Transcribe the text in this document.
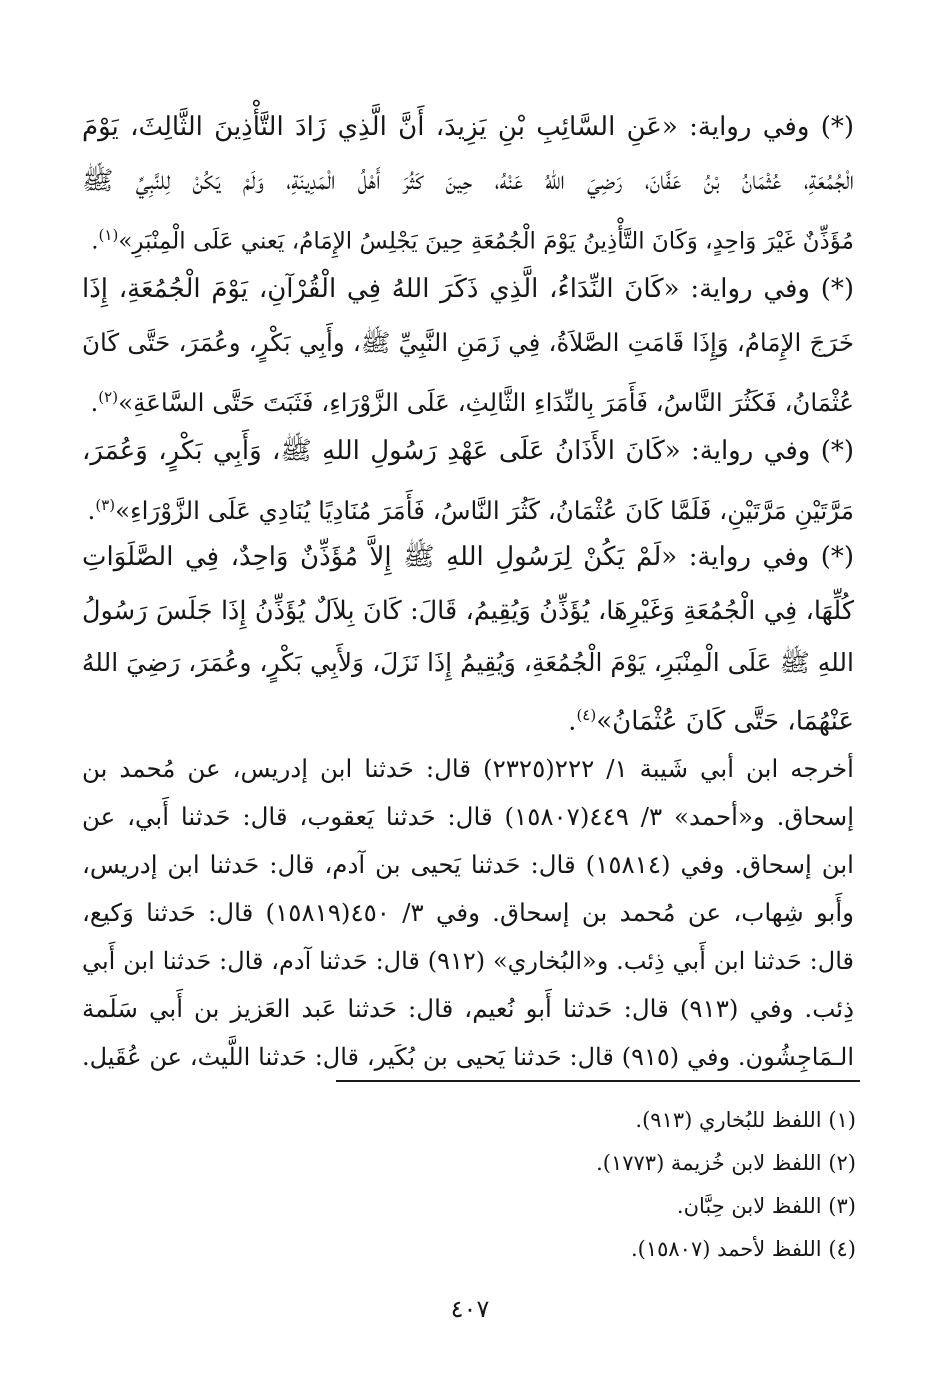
(*) وفي رواية: «عَنِ السَّائِبِ بْنِ يَزِيدَ، أَنَّ الَّذِي زَادَ التَّأْذِينَ الثَّالِثَ، يَوْمَ
الْجُمُعَةِ، عُثْمَانُ بْنُ عَفَّانَ، رَضِيَ اللهُ عَنْهُ، حِينَ كَثُرَ أَهْلُ الْمَدِينَةِ، وَلَمْ يَكُنْ لِلنَّبِيِّ ﷺ
مُؤَذِّنٌ غَيْرَ وَاحِدٍ، وَكَانَ التَّأْذِينُ يَوْمَ الْجُمُعَةِ حِينَ يَجْلِسُ الإِمَامُ، يَعني عَلَى الْمِنْبَرِ»$^{(١)}$.
(*) وفي رواية: «كَانَ النِّدَاءُ، الَّذِي ذَكَرَ اللهُ فِي الْقُرْآنِ، يَوْمَ الْجُمُعَةِ، إِذَا
خَرَجَ الإِمَامُ، وَإِذَا قَامَتِ الصَّلاَةُ، فِي زَمَنِ النَّبِيِّ ﷺ، وأَبِي بَكْرٍ، وعُمَرَ، حَتَّى كَانَ
عُثْمَانُ، فَكَثُرَ النَّاسُ، فَأَمَرَ بِالنِّدَاءِ الثَّالِثِ، عَلَى الزَّوْرَاءِ، فَثَبَتَ حَتَّى السَّاعَةِ»$^{(٢)}$.
(*) وفي رواية: «كَانَ الأَذَانُ عَلَى عَهْدِ رَسُولِ اللهِ ﷺ، وَأَبِي بَكْرٍ، وَعُمَرَ،
مَرَّتَيْنِ مَرَّتَيْنِ، فَلَمَّا كَانَ عُثْمَانُ، كَثُرَ النَّاسُ، فَأَمَرَ مُنَادِيًا يُنَادِي عَلَى الزَّوْرَاءِ»$^{(٣)}$.
(*) وفي رواية: «لَمْ يَكُنْ لِرَسُولِ اللهِ ﷺ إِلاَّ مُؤَذِّنٌ وَاحِدٌ، فِي الصَّلَوَاتِ
كُلِّهَا، فِي الْجُمُعَةِ وَغَيْرِهَا، يُؤَذِّنُ وَيُقِيمُ، قَالَ: كَانَ بِلاَلٌ يُؤَذِّنُ إِذَا جَلَسَ رَسُولُ
اللهِ ﷺ عَلَى الْمِنْبَرِ، يَوْمَ الْجُمُعَةِ، وَيُقِيمُ إِذَا نَزَلَ، وَلأَبِي بَكْرٍ، وعُمَرَ، رَضِيَ اللهُ
عَنْهُمَا، حَتَّى كَانَ عُثْمَانُ»$^{(٤)}$.
أخرجه ابن أبي شَيبة ١/ ٢٢٢(٢٣٢٥) قال: حَدثنا ابن إدريس، عن مُحمد بن
إسحاق. و«أحمد» ٣/ ٤٤٩(١٥٨٠٧) قال: حَدثنا يَعقوب، قال: حَدثنا أَبي، عن
ابن إسحاق. وفي (١٥٨١٤) قال: حَدثنا يَحيى بن آدم، قال: حَدثنا ابن إدريس،
وأَبو شِهاب، عن مُحمد بن إسحاق. وفي ٣/ ٤٥٠(١٥٨١٩) قال: حَدثنا وَكيع،
قال: حَدثنا ابن أَبي ذِئب. و«البُخاري» (٩١٢) قال: حَدثنا آدم، قال: حَدثنا ابن أَبي
ذِئب. وفي (٩١٣) قال: حَدثنا أَبو نُعيم، قال: حَدثنا عَبد العَزيز بن أَبي سَلَمة
الـمَاجِشُون. وفي (٩١٥) قال: حَدثنا يَحيى بن بُكَير، قال: حَدثنا اللَّيث، عن عُقَيل.
(١) اللفظ للبُخاري (٩١٣).
(٢) اللفظ لابن خُزيمة (١٧٧٣).
(٣) اللفظ لابن حِبَّان.
(٤) اللفظ لأحمد (١٥٨٠٧).
٤٠٧
